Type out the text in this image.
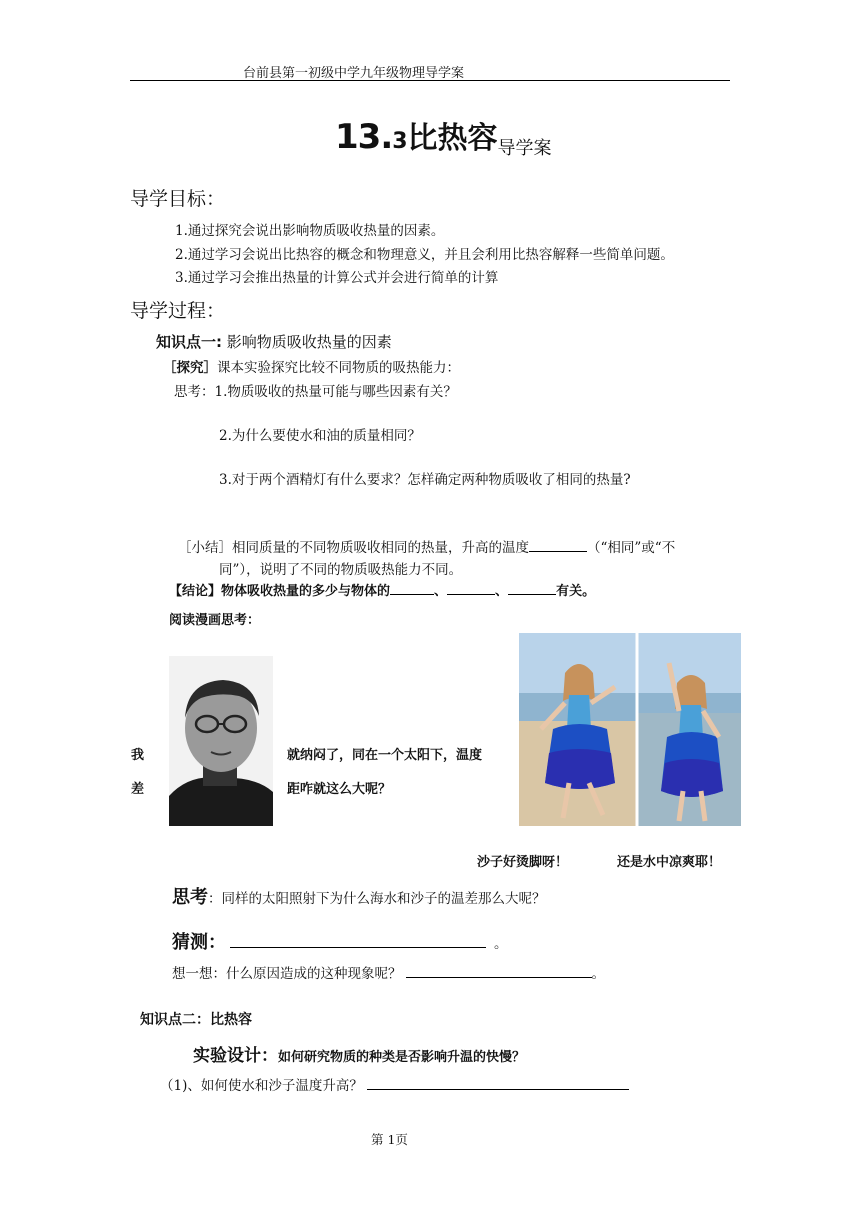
台前县第一初级中学九年级物理导学案
13.3比热容导学案
导学目标：
1.通过探究会说出影响物质吸收热量的因素。
2.通过学习会说出比热容的概念和物理意义，并且会利用比热容解释一些简单问题。
3.通过学习会推出热量的计算公式并会进行简单的计算
导学过程：
知识点一: 影响物质吸收热量的因素
［探究］课本实验探究比较不同物质的吸热能力：
思考：1.物质吸收的热量可能与哪些因素有关？
2.为什么要使水和油的质量相同？
3.对于两个酒精灯有什么要求？怎样确定两种物质吸收了相同的热量?
［小结］相同质量的不同物质吸收相同的热量，升高的温度	（“相同”或“不
同”），说明了不同的物质吸热能力不同。
【结论】物体吸收热量的多少与物体的	、	、	有关。
阅读漫画思考：
我
差
就纳闷了，同在一个太阳下，温度
距咋就这么大呢？
沙子好烫脚呀！	还是水中凉爽耶！
思考：同样的太阳照射下为什么海水和沙子的温差那么大呢？
猜测：	。
想一想：什么原因造成的这种现象呢？	。
知识点二：比热容
实验设计：如何研究物质的种类是否影响升温的快慢？
（1)、如何使水和沙子温度升高？
第 1页
